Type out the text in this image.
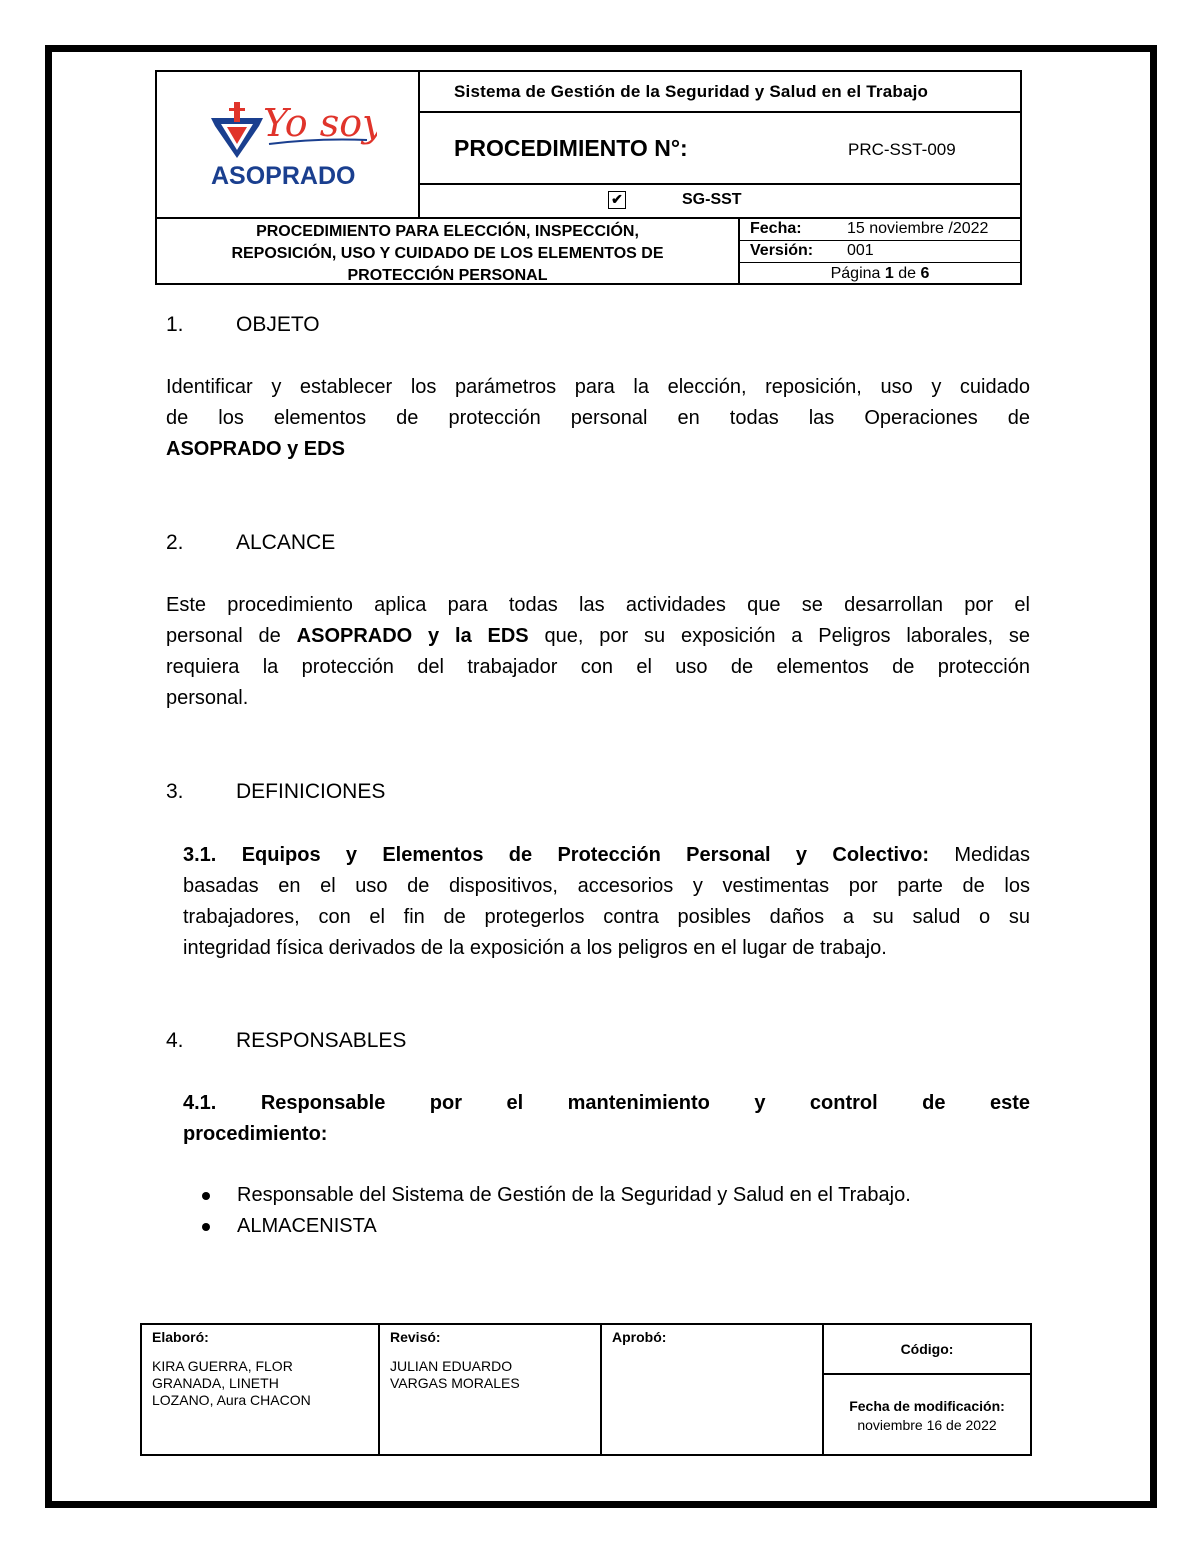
Yo soy
ASOPRADO
Sistema de Gestión de la Seguridad y Salud en el Trabajo
PROCEDIMIENTO N°:	PRC-SST-009
✔	SG-SST
PROCEDIMIENTO PARA ELECCIÓN, INSPECCIÓN,
REPOSICIÓN, USO Y CUIDADO DE LOS ELEMENTOS DE
PROTECCIÓN PERSONAL
Fecha:	15 noviembre /2022
Versión: 001
Página 1 de 6
1.	OBJETO
Identificar y establecer los parámetros para la elección, reposición, uso y cuidado
de los elementos de protección personal en todas las Operaciones de
ASOPRADO y EDS
2.	ALCANCE
Este procedimiento aplica para todas las actividades que se desarrollan por el
personal de ASOPRADO y la EDS que, por su exposición a Peligros laborales, se
requiera la protección del trabajador con el uso de elementos de protección
personal.
3.	DEFINICIONES
3.1. Equipos y Elementos de Protección Personal y Colectivo: Medidas
basadas en el uso de dispositivos, accesorios y vestimentas por parte de los
trabajadores, con el fin de protegerlos contra posibles daños a su salud o su
integridad física derivados de la exposición a los peligros en el lugar de trabajo.
4.	RESPONSABLES
4.1. Responsable por el mantenimiento y control de este
procedimiento:
Responsable del Sistema de Gestión de la Seguridad y Salud en el Trabajo.
ALMACENISTA
Elaboró:
KIRA GUERRA, FLOR GRANADA, LINETH LOZANO, Aura CHACON
Revisó:
JULIAN EDUARDO VARGAS MORALES
Aprobó:
Código:
Fecha de modificación:
noviembre 16 de 2022
